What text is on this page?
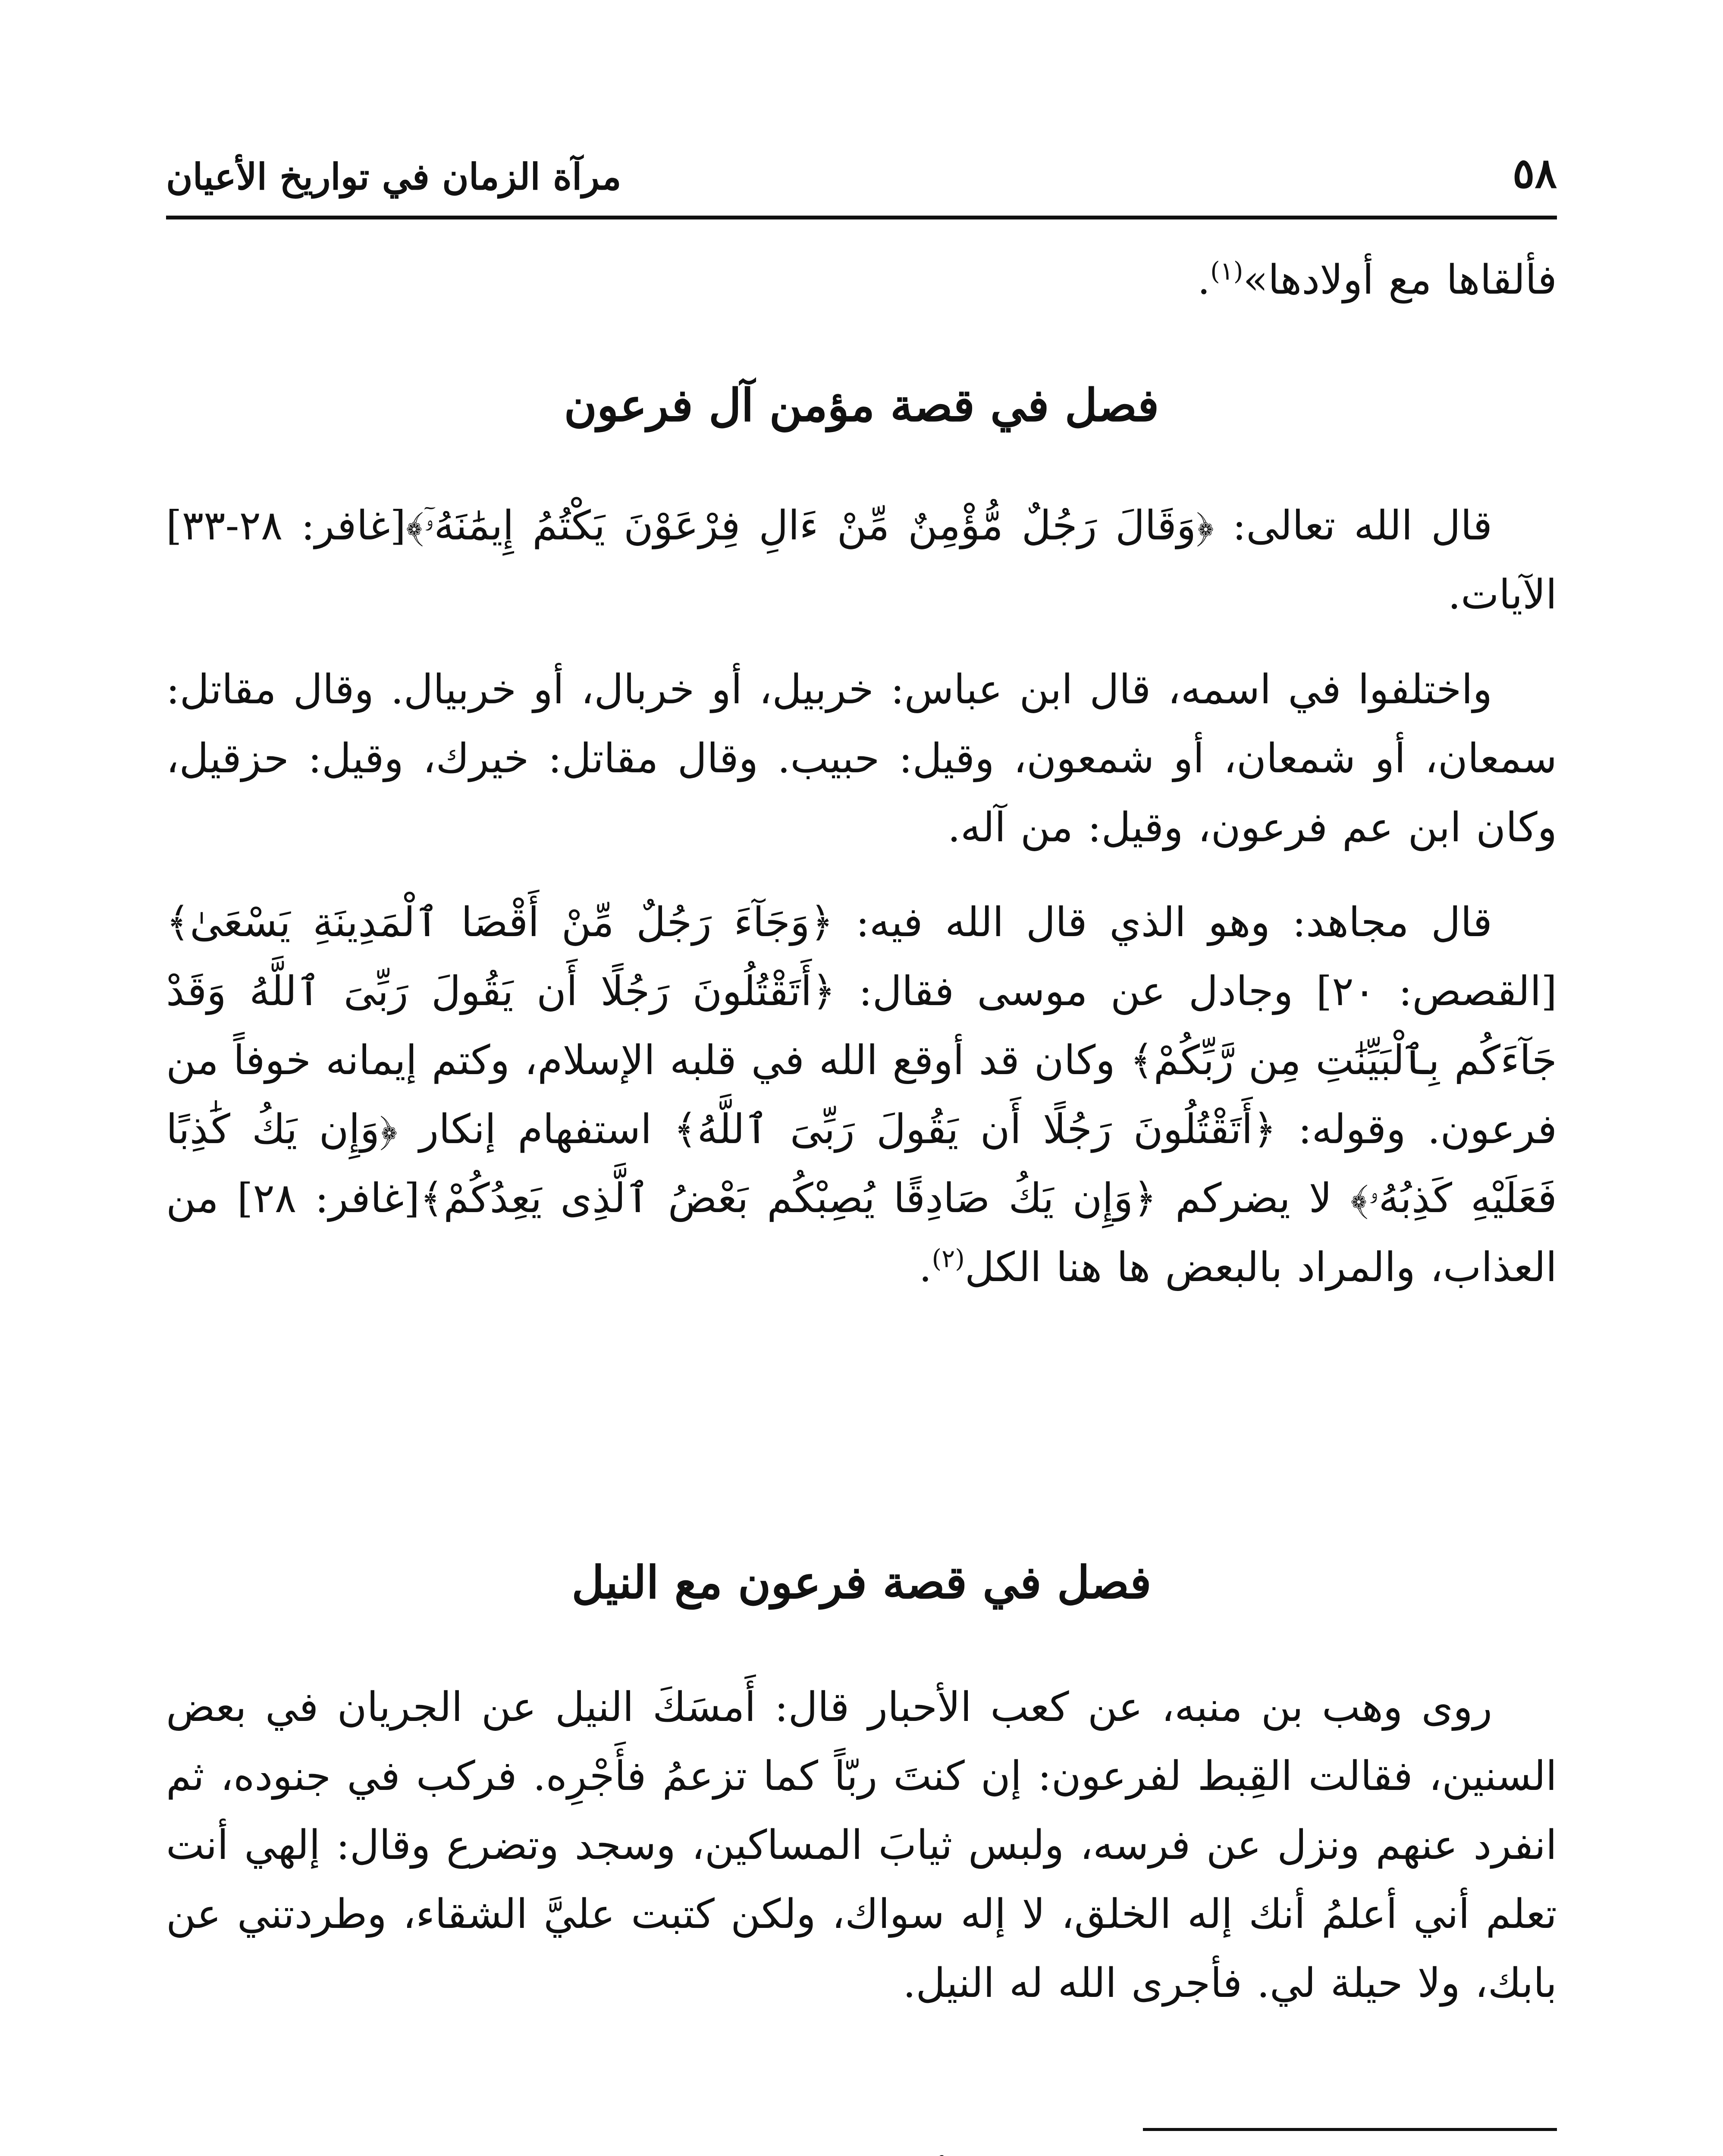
٥٨
مرآة الزمان في تواريخ الأعيان

فألقاها مع أولادها»$^{(١)}$.

فصل في قصة مؤمن آل فرعون

قال الله تعالى: ﴿وَقَالَ رَجُلٌ مُّؤْمِنٌ مِّنْ ءَالِ فِرْعَوْنَ يَكْتُمُ إِيمَٰنَهُۥٓ﴾[غافر: ٢٨-٣٣] الآيات.

واختلفوا في اسمه، قال ابن عباس: خربيل، أو خربال، أو خربيال. وقال مقاتل: سمعان، أو شمعان، أو شمعون، وقيل: حبيب. وقال مقاتل: خيرك، وقيل: حزقيل، وكان ابن عم فرعون، وقيل: من آله.

قال مجاهد: وهو الذي قال الله فيه: ﴿وَجَآءَ رَجُلٌ مِّنْ أَقْصَا ٱلْمَدِينَةِ يَسْعَىٰ﴾ [القصص: ٢٠] وجادل عن موسى فقال: ﴿أَتَقْتُلُونَ رَجُلًا أَن يَقُولَ رَبِّىَ ٱللَّهُ وَقَدْ جَآءَكُم بِٱلْبَيِّنَٰتِ مِن رَّبِّكُمْ﴾ وكان قد أوقع الله في قلبه الإسلام، وكتم إيمانه خوفاً من فرعون. وقوله: ﴿أَتَقْتُلُونَ رَجُلًا أَن يَقُولَ رَبِّىَ ٱللَّهُ﴾ استفهام إنكار ﴿وَإِن يَكُ كَٰذِبًا فَعَلَيْهِ كَذِبُهُۥ﴾ لا يضركم ﴿وَإِن يَكُ صَادِقًا يُصِبْكُم بَعْضُ ٱلَّذِى يَعِدُكُمْ﴾[غافر: ٢٨] من العذاب، والمراد بالبعض ها هنا الكل$^{(٢)}$.

فصل في قصة فرعون مع النيل

روى وهب بن منبه، عن كعب الأحبار قال: أَمسَكَ النيل عن الجريان في بعض السنين، فقالت القِبط لفرعون: إن كنتَ ربّاً كما تزعمُ فأَجْرِه. فركب في جنوده، ثم انفرد عنهم ونزل عن فرسه، ولبس ثيابَ المساكين، وسجد وتضرع وقال: إلهي أنت تعلم أني أعلمُ أنك إله الخلق، لا إله سواك، ولكن كتبت عليَّ الشقاء، وطردتني عن بابك، ولا حيلة لي. فأجرى الله له النيل.
